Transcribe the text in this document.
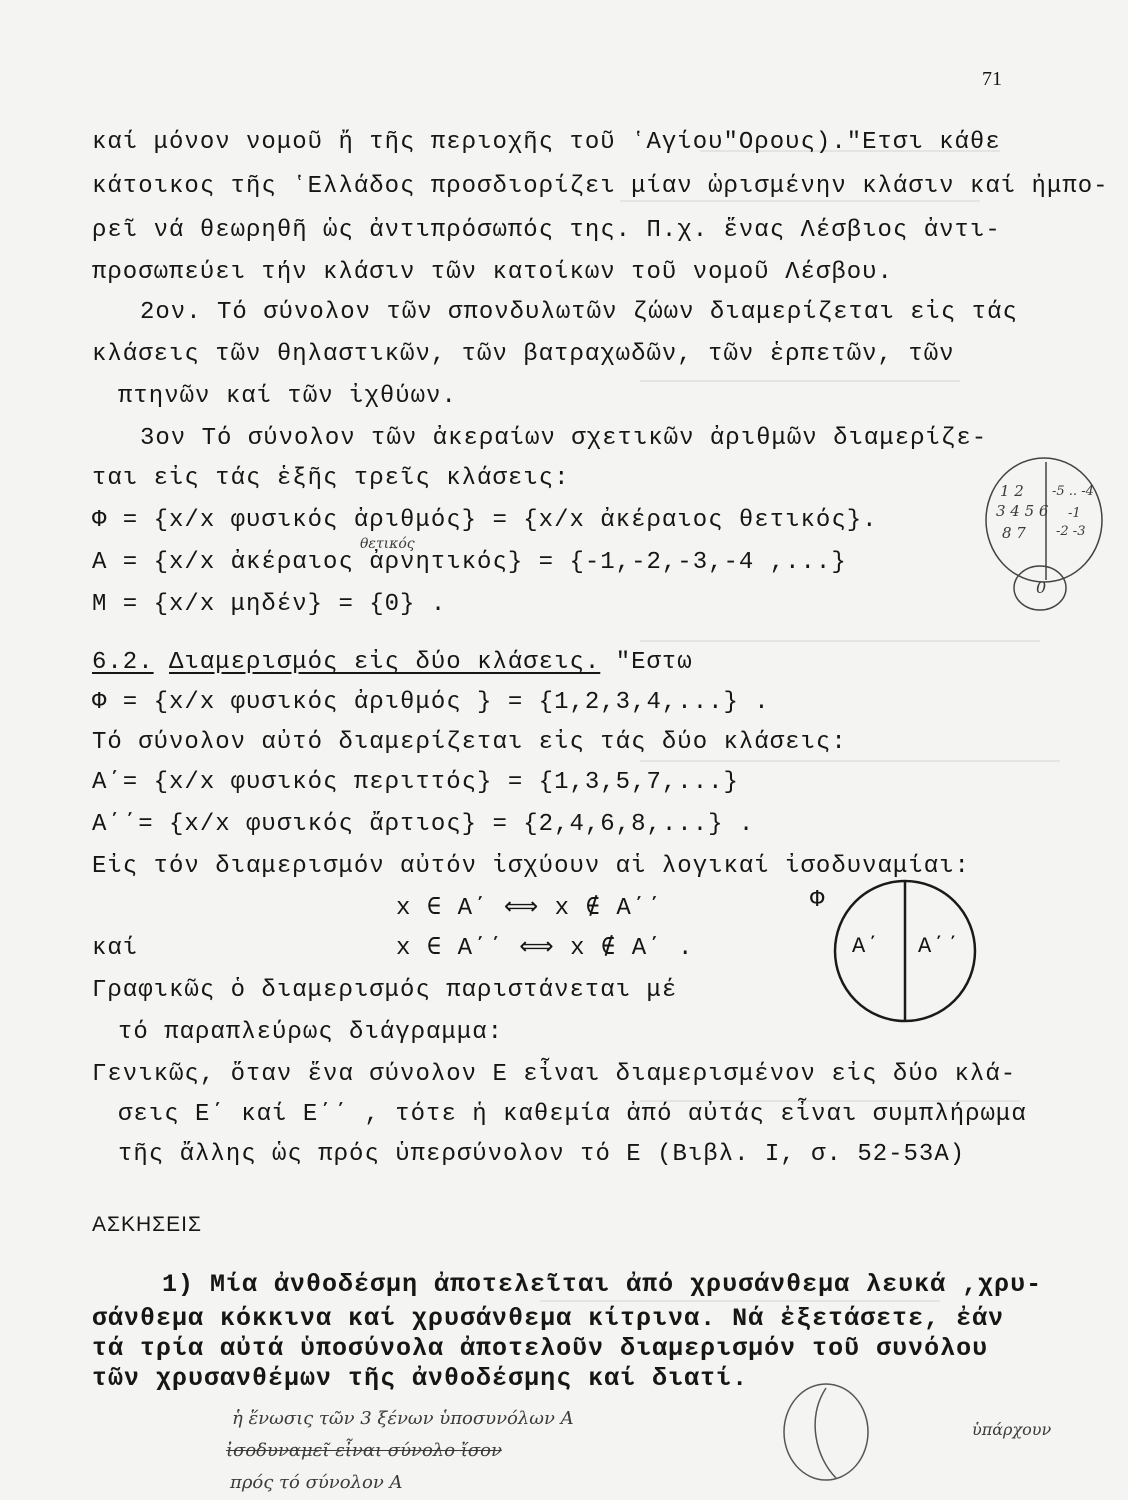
71
καί μόνον νομοῦ ἤ τῆς περιοχῆς τοῦ ʽΑγίου"Ορους)."Ετσι κάθε
κάτοικος τῆς ʽΕλλάδος προσδιορίζει μίαν ὡρισμένην κλάσιν καί ἠμπο-
ρεῖ νά θεωρηθῆ ὡς ἀντιπρόσωπός της. Π.χ. ἕνας Λέσβιος ἀντι-
προσωπεύει τήν κλάσιν τῶν κατοίκων τοῦ νομοῦ Λέσβου.
2ον. Τό σύνολον τῶν σπονδυλωτῶν ζώων διαμερίζεται εἰς τάς
κλάσεις τῶν θηλαστικῶν, τῶν βατραχωδῶν, τῶν ἑρπετῶν, τῶν
πτηνῶν καί τῶν ἰχθύων.
3ον Τό σύνολον τῶν ἀκεραίων σχετικῶν ἀριθμῶν διαμερίζε-
ται εἰς τάς ἑξῆς τρεῖς κλάσεις:
Φ = {x/x φυσικός ἀριθμός} = {x/x ἀκέραιος θετικός}.
θετικός
Α = {x/x ἀκέραιος ἀρνητικός} = {-1,-2,-3,-4 ,...}
Μ = {x/x μηδέν} = {0} .
1 2
3 4 5 6
8 7
-5 .. -4
-1
-2 -3
0
6.2. Διαμερισμός εἰς δύο κλάσεις. "Εστω
Φ = {x/x φυσικός ἀριθμός } = {1,2,3,4,...} .
Τό σύνολον αὐτό διαμερίζεται εἰς τάς δύο κλάσεις:
Α΄= {x/x φυσικός περιττός} = {1,3,5,7,...}
Α΄΄= {x/x φυσικός ἄρτιος} = {2,4,6,8,...} .
Εἰς τόν διαμερισμόν αὐτόν ἰσχύουν αἱ λογικαί ἰσοδυναμίαι:
x ∈ Α΄ ⟺ x ∉ Α΄΄
καί	x ∈ Α΄΄ ⟺ x ∉ Α΄ .
Γραφικῶς ὁ διαμερισμός παριστάνεται μέ
τό παραπλεύρως διάγραμμα:
Φ
Α΄ Α΄΄
Γενικῶς, ὅταν ἕνα σύνολον Ε εἶναι διαμερισμένον εἰς δύο κλά-
σεις Ε΄ καί Ε΄΄ , τότε ἡ καθεμία ἀπό αὐτάς εἶναι συμπλήρωμα
τῆς ἄλλης ὡς πρός ὑπερσύνολον τό Ε (Βιβλ. Ι, σ. 52-53Α)
ΑΣΚΗΣΕΙΣ
1) Μία ἀνθοδέσμη ἀποτελεῖται ἀπό χρυσάνθεμα λευκά ,χρυ-
σάνθεμα κόκκινα καί χρυσάνθεμα κίτρινα. Νά ἐξετάσετε, ἐάν
τά τρία αὐτά ὑποσύνολα ἀποτελοῦν διαμερισμόν τοῦ συνόλου
τῶν χρυσανθέμων τῆς ἀνθοδέσμης καί διατί.
ἡ ἕνωσις τῶν 3 ξένων ὑποσυνόλων Α
ἰσοδυναμεῖ εἶναι σύνολο ἴσον
πρός τό σύνολον Α
ὑπάρχουν
